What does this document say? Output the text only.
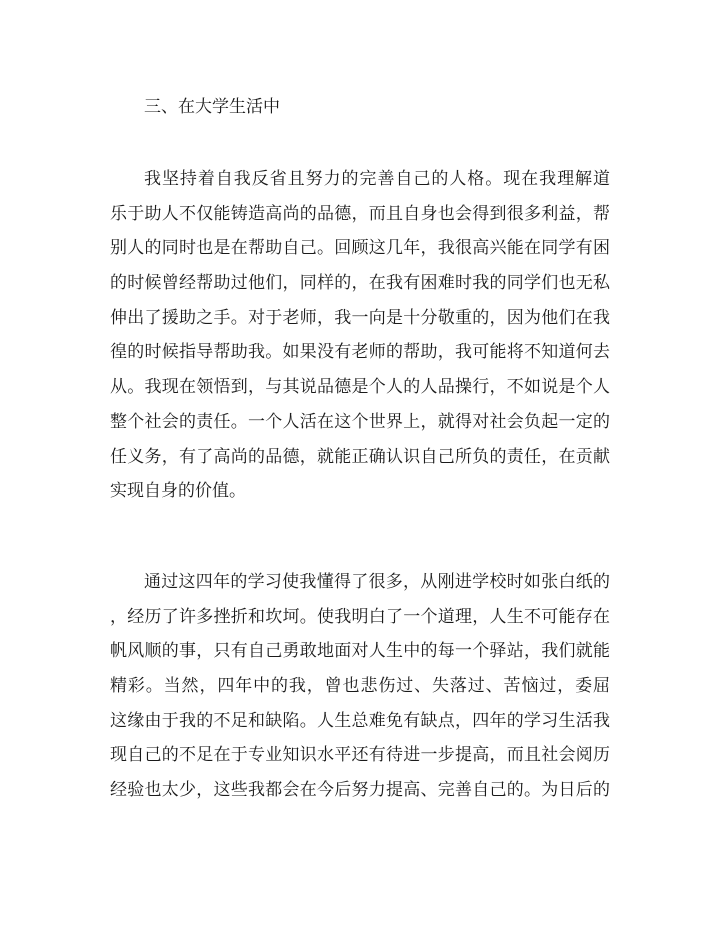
三、在大学生活中
我坚持着自我反省且努力的完善自己的人格。现在我理解道
乐于助人不仅能铸造高尚的品德，而且自身也会得到很多利益，帮
别人的同时也是在帮助自己。回顾这几年，我很高兴能在同学有困
的时候曾经帮助过他们，同样的，在我有困难时我的同学们也无私
伸出了援助之手。对于老师，我一向是十分敬重的，因为他们在我
徨的时候指导帮助我。如果没有老师的帮助，我可能将不知道何去
从。我现在领悟到，与其说品德是个人的人品操行，不如说是个人
整个社会的责任。一个人活在这个世界上，就得对社会负起一定的
任义务，有了高尚的品德，就能正确认识自己所负的责任，在贡献
实现自身的价值。
通过这四年的学习使我懂得了很多，从刚进学校时如张白纸的
，经历了许多挫折和坎坷。使我明白了一个道理，人生不可能存在
帆风顺的事，只有自己勇敢地面对人生中的每一个驿站，我们就能
精彩。当然，四年中的我，曾也悲伤过、失落过、苦恼过，委屈
这缘由于我的不足和缺陷。人生总难免有缺点，四年的学习生活我
现自己的不足在于专业知识水平还有待进一步提高，而且社会阅历
经验也太少，这些我都会在今后努力提高、完善自己的。为日后的
